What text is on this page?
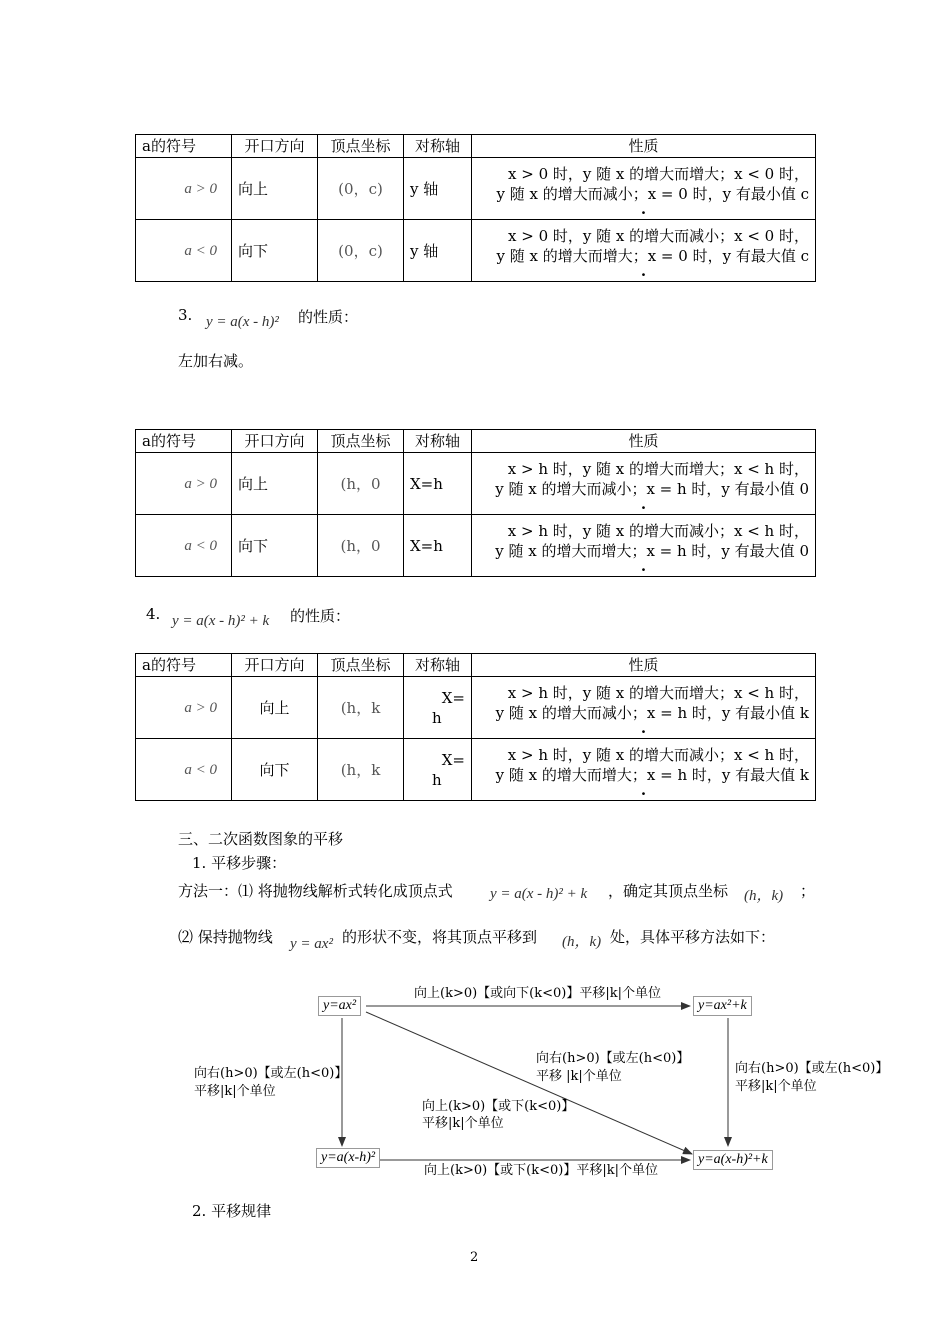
a的符号	开口方向	顶点坐标	对称轴	性质
a > 0	向上	(0，c)	y 轴	x > 0 时，y 随 x 的增大而增大；x < 0 时，
y 随 x 的增大而减小；x = 0 时，y 有最小值 c
.

a < 0	向下	(0，c)	y 轴	x > 0 时，y 随 x 的增大而减小；x < 0 时，
y 随 x 的增大而增大；x = 0 时，y 有最大值 c
.
3. y = a(x - h)² 的性质：
左加右减。
a的符号	开口方向	顶点坐标	对称轴	性质
a > 0	向上	(h，0	X=h	x > h 时，y 随 x 的增大而增大；x < h 时，
y 随 x 的增大而减小；x = h 时，y 有最小值 0
.

a < 0	向下	(h，0	X=h	x > h 时，y 随 x 的增大而减小；x < h 时，
y 随 x 的增大而增大；x = h 时，y 有最大值 0
.
4. y = a(x - h)² + k 的性质：
a的符号	开口方向	顶点坐标	对称轴	性质
a > 0	向上	(h，k	X=
h	x > h 时，y 随 x 的增大而增大；x < h 时，
y 随 x 的增大而减小；x = h 时，y 有最小值 k
.

a < 0	向下	(h，k	X=
h	x > h 时，y 随 x 的增大而减小；x < h 时，
y 随 x 的增大而增大；x = h 时，y 有最大值 k
.
三、二次函数图象的平移
1. 平移步骤：
方法一：⑴ 将抛物线解析式转化成顶点式 y = a(x - h)² + k ，确定其顶点坐标 (h，k) ；
⑵ 保持抛物线 y = ax² 的形状不变，将其顶点平移到 (h，k) 处，具体平移方法如下：
y=ax²	y=ax²+k
y=a(x-h)²	y=a(x-h)²+k
向上(k>0)【或向下(k<0)】平移|k|个单位
向右(h>0)【或左(h<0)】
平移|k|个单位
向右(h>0)【或左(h<0)】
平移|k|个单位
向右(h>0)【或左(h<0)】
平移 |k|个单位
向上(k>0)【或下(k<0)】
平移|k|个单位
向上(k>0)【或下(k<0)】平移|k|个单位
2. 平移规律
2
